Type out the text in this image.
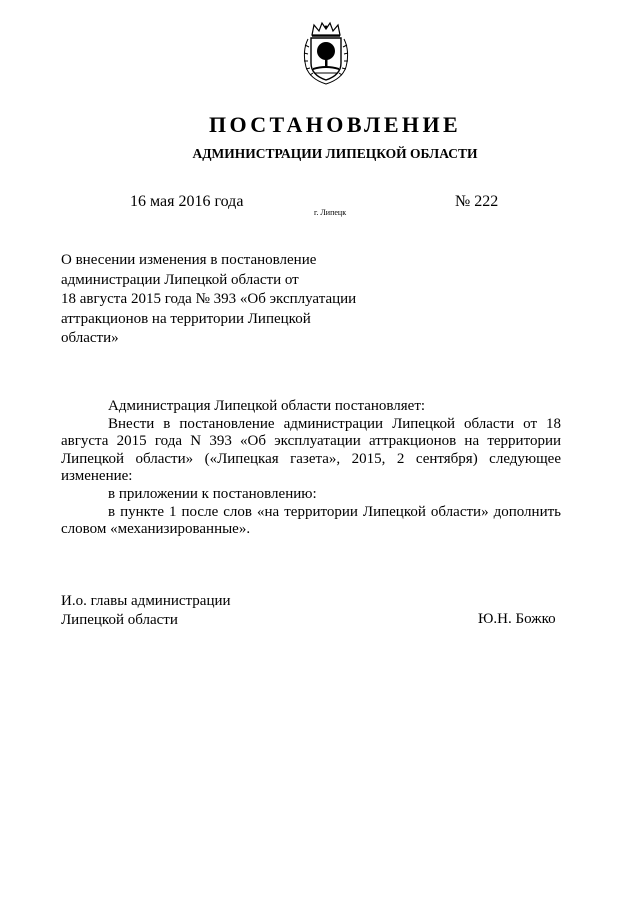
ПОСТАНОВЛЕНИЕ
АДМИНИСТРАЦИИ ЛИПЕЦКОЙ ОБЛАСТИ
16 мая 2016 года
г. Липецк
№ 222
О внесении изменения в постановление
администрации Липецкой области от
18 августа 2015 года № 393 «Об эксплуатации
аттракционов на территории Липецкой
области»

Администрация Липецкой области постановляет:

Внести в постановление администрации Липецкой области от 18 августа 2015 года N 393 «Об эксплуатации аттракционов на территории Липецкой области» («Липецкая газета», 2015, 2 сентября) следующее изменение:

в приложении к постановлению:

в пункте 1 после слов «на территории Липецкой области» дополнить словом «механизированные».

И.о. главы администрации
Липецкой области	Ю.Н. Божко
